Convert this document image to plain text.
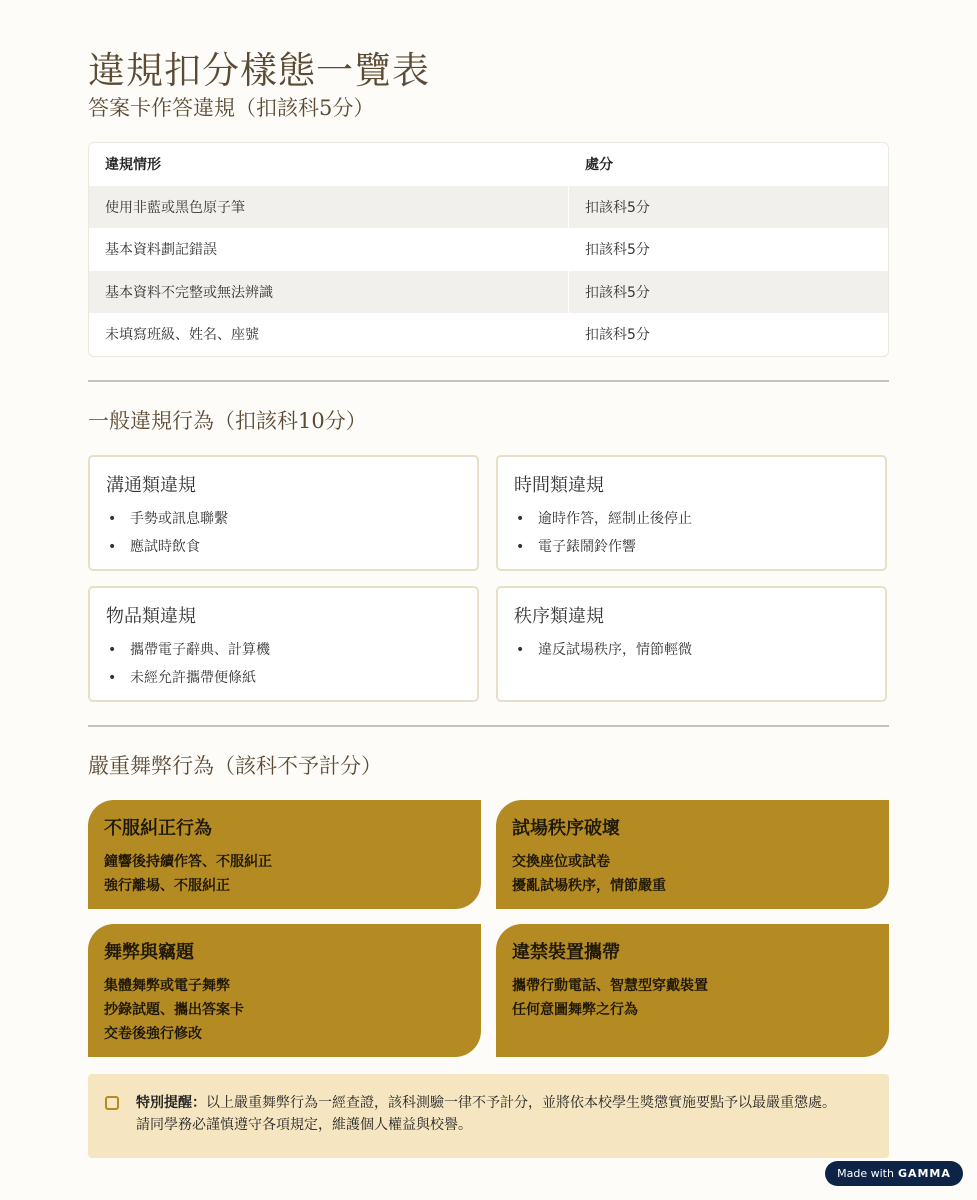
違規扣分樣態一覽表
答案卡作答違規（扣該科5分）
違規情形	處分
使用非藍或黑色原子筆	扣該科5分
基本資料劃記錯誤	扣該科5分
基本資料不完整或無法辨識	扣該科5分
未填寫班級、姓名、座號	扣該科5分
一般違規行為（扣該科10分）
溝通類違規
• 手勢或訊息聯繫
• 應試時飲食
時間類違規
• 逾時作答，經制止後停止
• 電子錶鬧鈴作響
物品類違規
• 攜帶電子辭典、計算機
• 未經允許攜帶便條紙
秩序類違規
• 違反試場秩序，情節輕微
嚴重舞弊行為（該科不予計分）
不服糾正行為
鐘響後持續作答、不服糾正
強行離場、不服糾正
試場秩序破壞
交換座位或試卷
擾亂試場秩序，情節嚴重
舞弊與竊題
集體舞弊或電子舞弊
抄錄試題、攜出答案卡
交卷後強行修改
違禁裝置攜帶
攜帶行動電話、智慧型穿戴裝置
任何意圖舞弊之行為
特別提醒：以上嚴重舞弊行為一經查證，該科測驗一律不予計分，並將依本校學生獎懲實施要點予以最嚴重懲處。
請同學務必謹慎遵守各項規定，維護個人權益與校譽。
Made with GAMMA
